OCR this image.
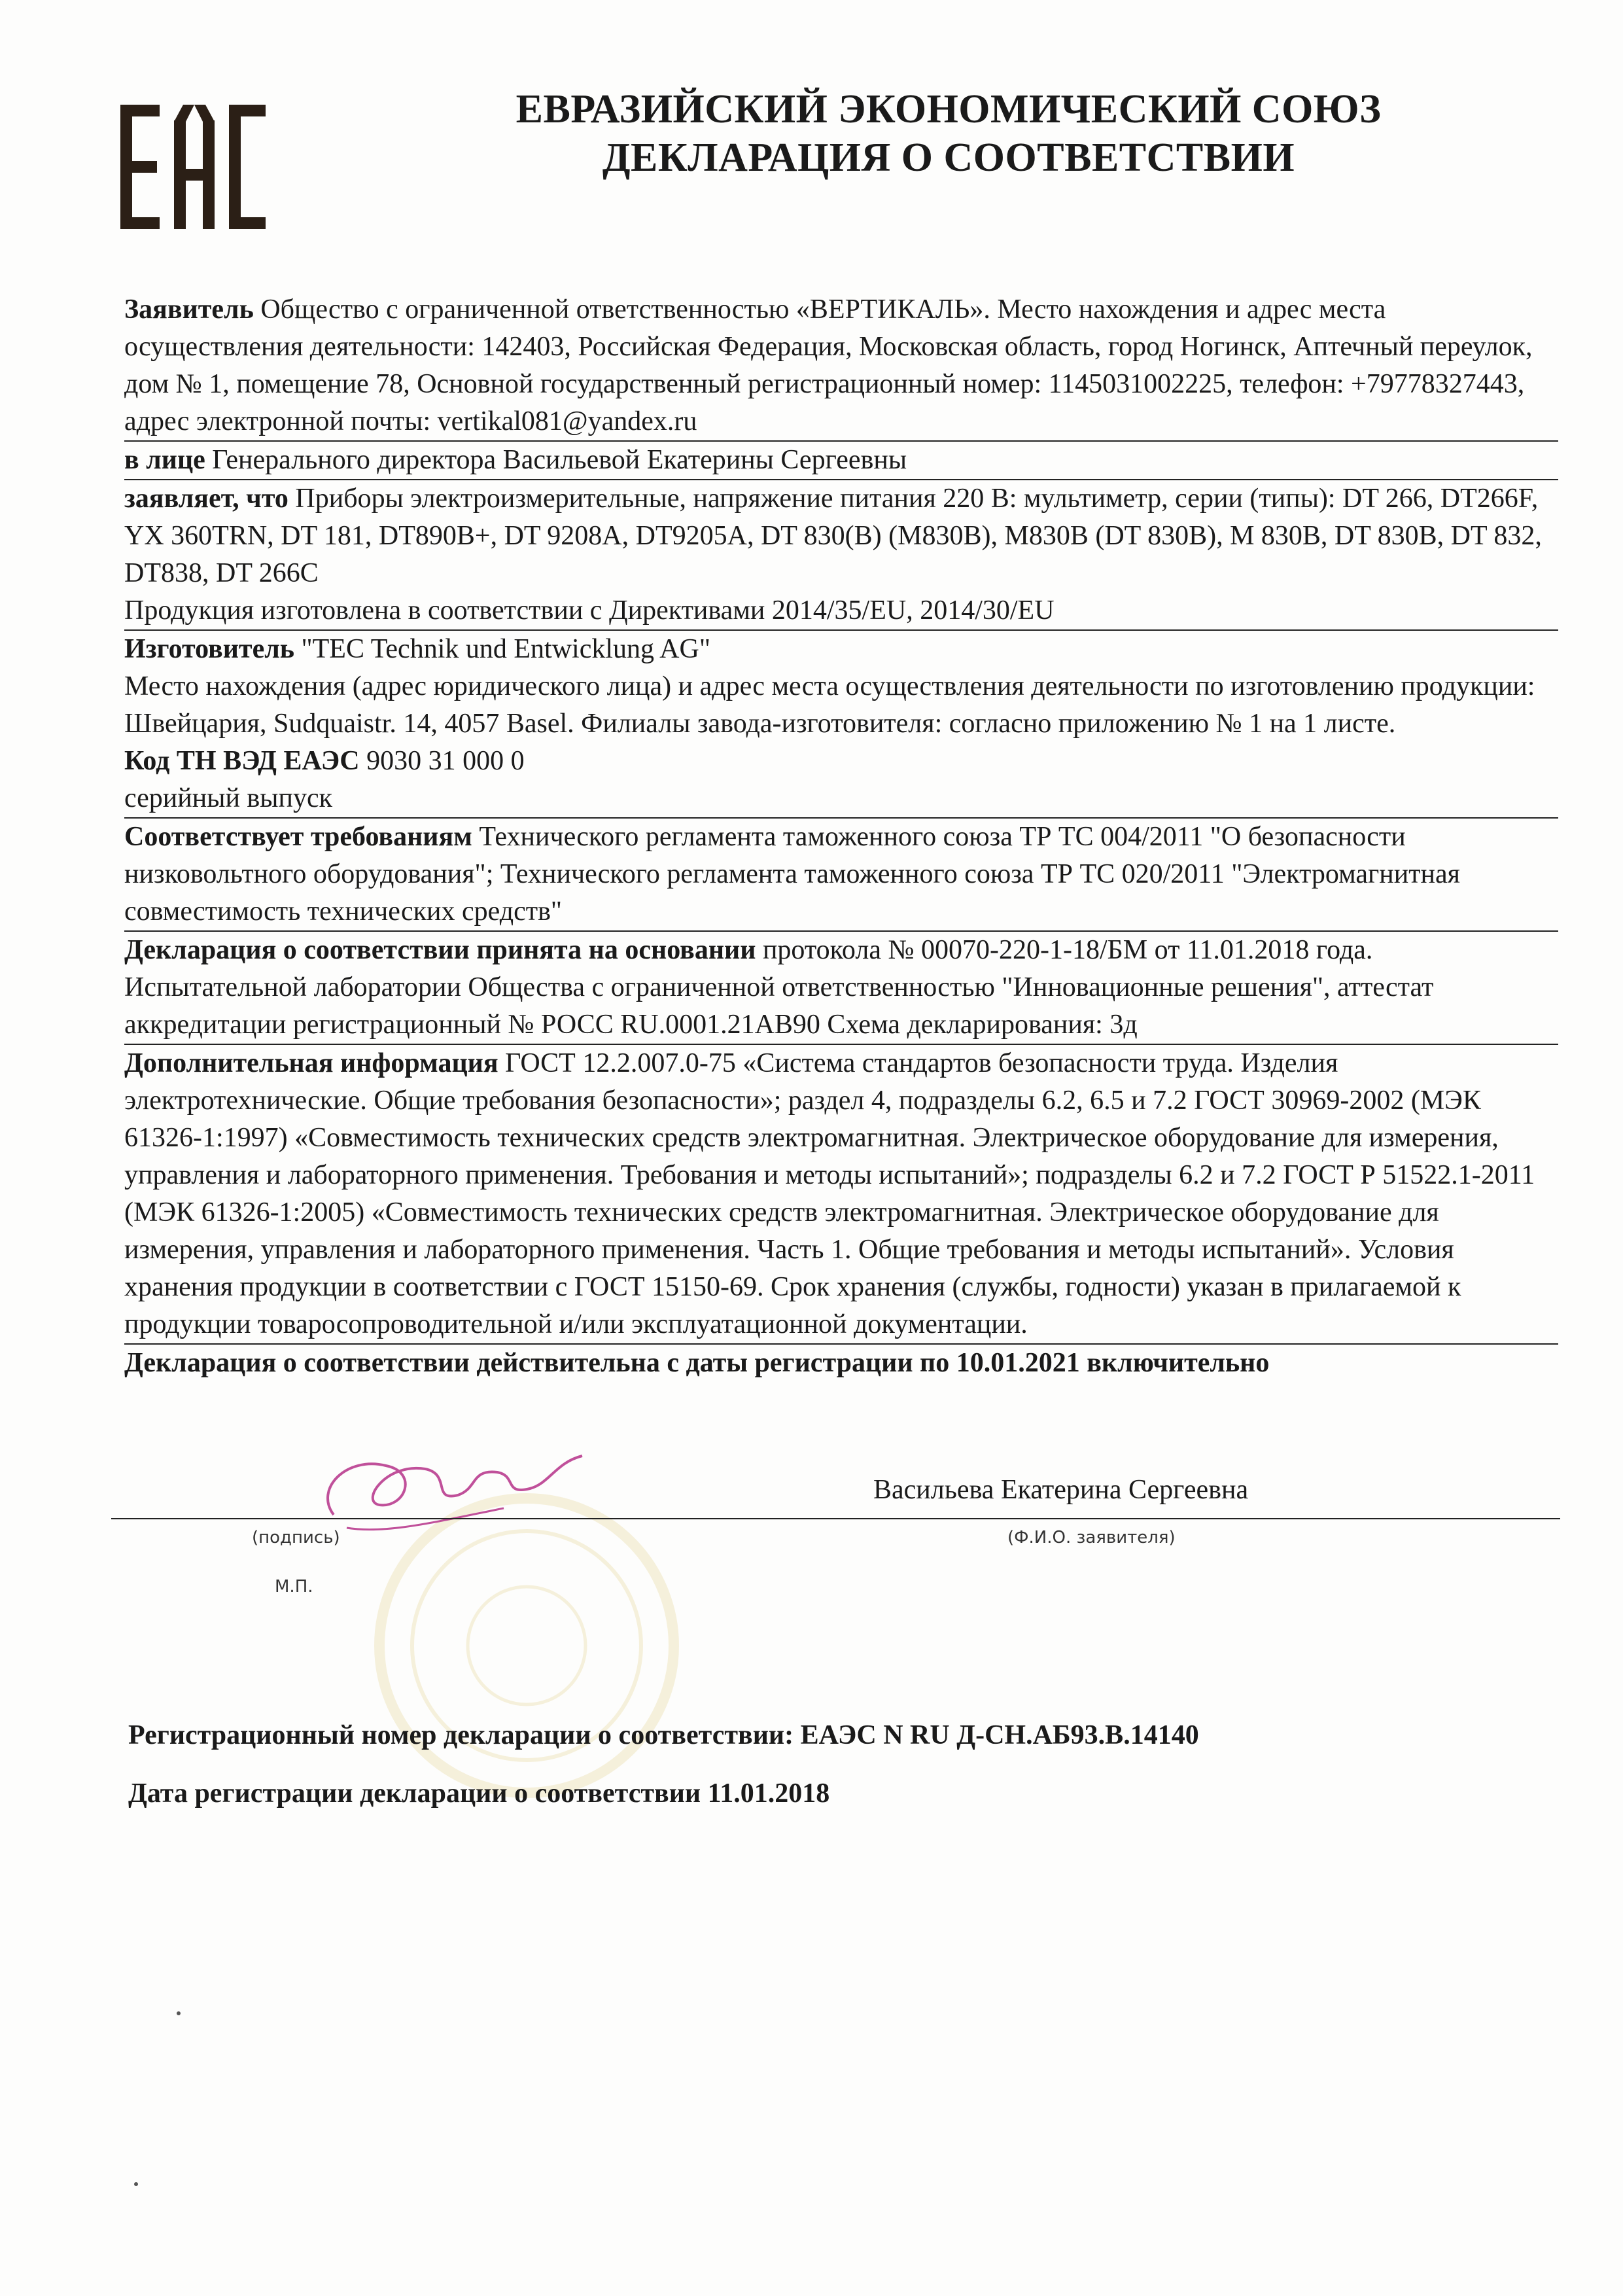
ЕВРАЗИЙСКИЙ ЭКОНОМИЧЕСКИЙ СОЮЗ
ДЕКЛАРАЦИЯ О СООТВЕТСТВИИ

Заявитель Общество с ограниченной ответственностью «ВЕРТИКАЛЬ». Место нахождения и адрес места осуществления деятельности: 142403, Российская Федерация, Московская область, город Ногинск, Аптечный переулок, дом № 1, помещение 78, Основной государственный регистрационный номер: 1145031002225, телефон: +79778327443, адрес электронной почты: vertikal081@yandex.ru

в лице Генерального директора Васильевой Екатерины Сергеевны

заявляет, что Приборы электроизмерительные, напряжение питания 220 В: мультиметр, серии (типы): DT 266, DT266F, YX 360TRN, DT 181, DT890B+, DT 9208A, DT9205A, DT 830(B) (M830B), M830B (DT 830B), M 830B, DT 830B, DT 832, DT838, DT 266C

Продукция изготовлена в соответствии с Директивами 2014/35/EU, 2014/30/EU

Изготовитель "TEC Technik und Entwicklung AG"

Место нахождения (адрес юридического лица) и адрес места осуществления деятельности по изготовлению продукции: Швейцария, Sudquaistr. 14, 4057 Basel. Филиалы завода-изготовителя: согласно приложению № 1 на 1 листе.

Код ТН ВЭД ЕАЭС 9030 31 000 0

серийный выпуск

Соответствует требованиям Технического регламента таможенного союза ТР ТС 004/2011 "О безопасности низковольтного оборудования"; Технического регламента таможенного союза ТР ТС 020/2011 "Электромагнитная совместимость технических средств"

Декларация о соответствии принята на основании протокола № 00070-220-1-18/БМ от 11.01.2018 года. Испытательной лаборатории Общества с ограниченной ответственностью "Инновационные решения", аттестат аккредитации регистрационный № РОСС RU.0001.21АВ90 Схема декларирования: 3д

Дополнительная информация ГОСТ 12.2.007.0-75 «Система стандартов безопасности труда. Изделия электротехнические. Общие требования безопасности»; раздел 4, подразделы 6.2, 6.5 и 7.2 ГОСТ 30969-2002 (МЭК 61326-1:1997) «Совместимость технических средств электромагнитная. Электрическое оборудование для измерения, управления и лабораторного применения. Требования и методы испытаний»; подразделы 6.2 и 7.2 ГОСТ Р 51522.1-2011 (МЭК 61326-1:2005) «Совместимость технических средств электромагнитная. Электрическое оборудование для измерения, управления и лабораторного применения. Часть 1. Общие требования и методы испытаний». Условия хранения продукции в соответствии с ГОСТ 15150-69. Срок хранения (службы, годности) указан в прилагаемой к продукции товаросопроводительной и/или эксплуатационной документации.

Декларация о соответствии действительна с даты регистрации по 10.01.2021 включительно

Васильева Екатерина Сергеевна
(подпись)	(Ф.И.О. заявителя)
М.П.
Регистрационный номер декларации о соответствии: ЕАЭС N RU Д-CН.АБ93.В.14140
Дата регистрации декларации о соответствии 11.01.2018
